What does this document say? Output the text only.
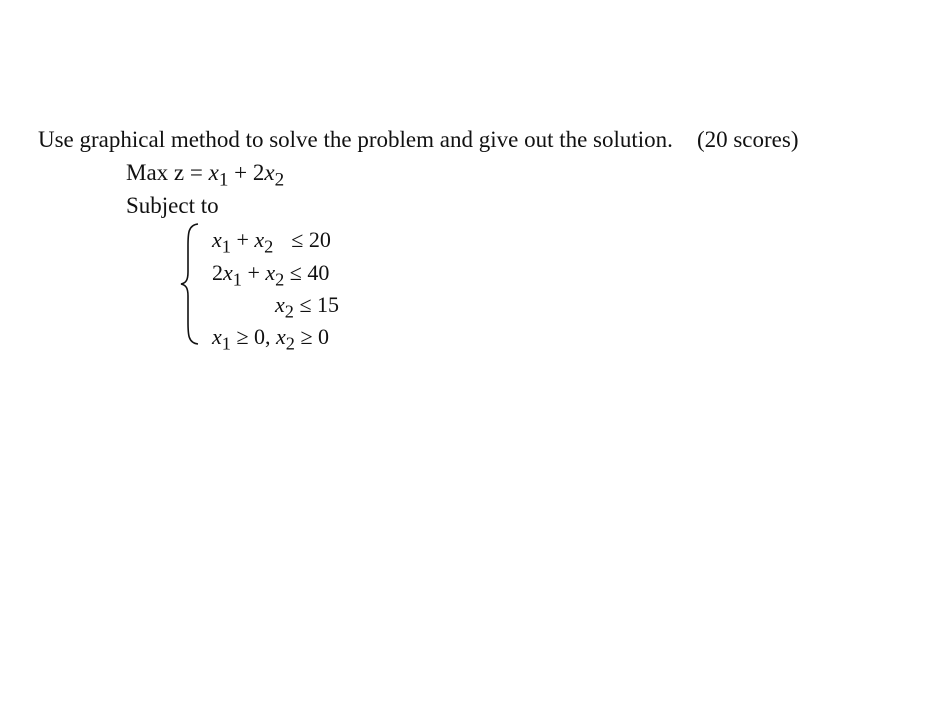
Use graphical method to solve the problem and give out the solution. (20 scores)
Max $z = x_1 + 2x_2$
Subject to
$x_1 + x_2 \le 20$
$2x_1 + x_2 \le 40$
$x_2 \le 15$
$x_1 \ge 0$, $x_2 \ge 0$
